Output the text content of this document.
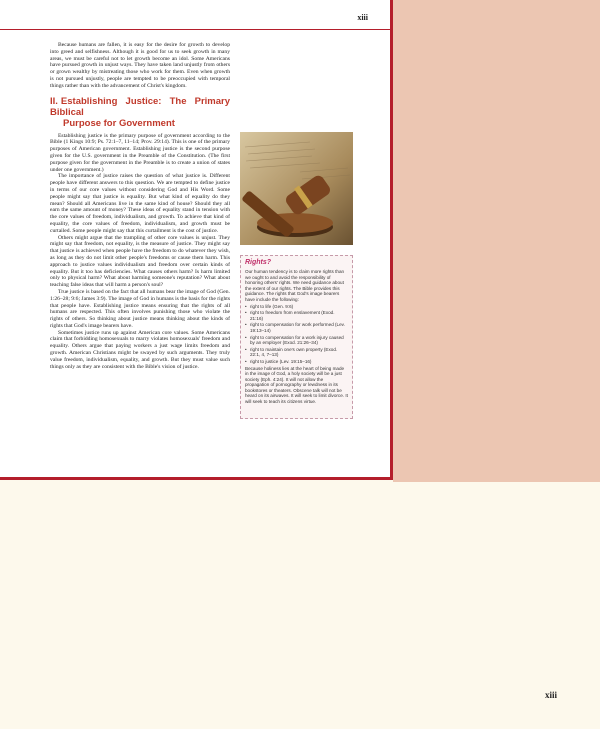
xiii

Because humans are fallen, it is easy for the desire for growth to develop into greed and selfishness. Although it is good for us to seek growth in many areas, we must be careful not to let growth become an idol. Some Americans have pursued growth in unjust ways. They have taken land unjustly from others or grown wealthy by mistreating those who work for them. Even when growth is not pursued unjustly, people are tempted to be preoccupied with temporal things rather than with the advancement of Christ's kingdom.

II. Establishing Justice: The Primary Biblical
Purpose for Government

Establishing justice is the primary purpose of government according to the Bible (1 Kings 10:9; Ps. 72:1–7, 11–14; Prov. 29:14). This is one of the primary purposes of American government. Establishing justice is the second purpose given for the U.S. government in the Preamble of the Constitution. (The first purpose given for the government in the Preamble is to create a union of states under one government.)

The importance of justice raises the question of what justice is. Different people have different answers to this question. We are tempted to define justice in terms of our core values without considering God and His Word. Some people might say that justice is equality. But what kind of equality do they mean? Should all Americans live in the same kind of house? Should they all earn the same amount of money? These ideas of equality stand in tension with the core values of freedom, individualism, and growth. To achieve that kind of equality, the core values of freedom, individualism, and growth must be curtailed. Some people might say that this curtailment is the cost of justice.

Others might argue that the trampling of other core values is unjust. They might say that freedom, not equality, is the measure of justice. They might say that justice is achieved when people have the freedom to do whatever they wish, as long as they do not limit other people's freedoms or cause them harm. This approach to justice values individualism and freedom over certain kinds of equality. But it too has deficiencies. What causes others harm? Is harm limited only to physical harm? What about harming someone's reputation? What about teaching false ideas that will harm a person's soul?

True justice is based on the fact that all humans bear the image of God (Gen. 1:26–28; 9:6; James 3:9). The image of God in humans is the basis for the rights that people have. Establishing justice means ensuring that the rights of all humans are respected. This often involves punishing those who violate the rights of others. So thinking about justice means thinking about the kinds of rights that God's image bearers have.

Sometimes justice runs up against American core values. Some Americans claim that forbidding homosexuals to marry violates homosexuals' freedom and equality. Others argue that paying workers a just wage limits freedom and growth. American Christians might be swayed by such arguments. They truly value freedom, individualism, equality, and growth. But they must value such things only as they are consistent with the Bible's vision of justice.

Rights?

Our human tendency is to claim more rights than we ought to and avoid the responsibility of honoring others' rights. We need guidance about the extent of our rights. The Bible provides this guidance. The rights that God's image bearers have include the following:

• right to life (Gen. 9:6)
• right to freedom from enslavement (Exod. 21:16)
• right to compensation for work performed (Lev. 19:13–14)
• right to compensation for a work injury caused by an employer (Exod. 21:26–34)
• right to maintain one's own property (Exod. 22:1, 4, 7–13)
• right to justice (Lev. 19:15–16)

Because holiness lies at the heart of being made in the image of God, a holy society will be a just society (Eph. 4:24). It will not allow the propagation of pornography or lewdness in its bookstores or theaters. Obscene talk will not be heard on its airwaves. It will seek to limit divorce. It will seek to teach its citizens virtue.

xiii
